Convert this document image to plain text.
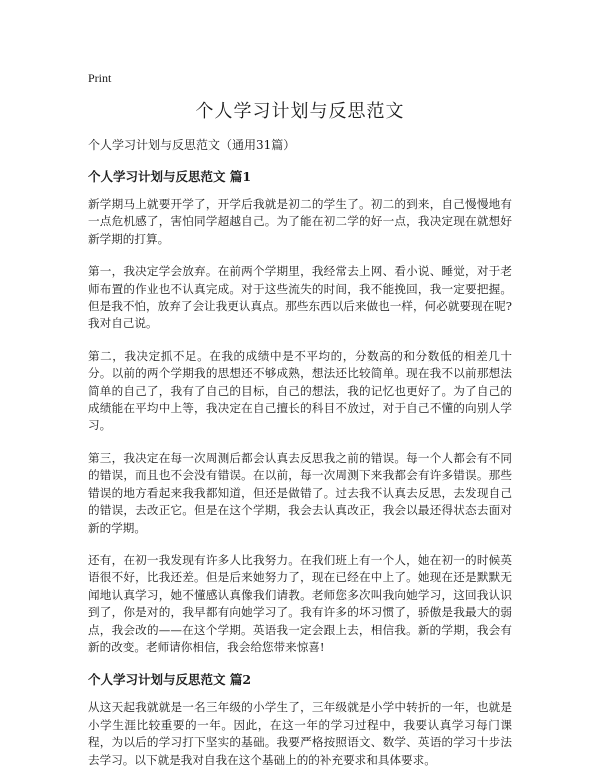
Print
个人学习计划与反思范文
个人学习计划与反思范文（通用31篇）
个人学习计划与反思范文 篇1

新学期马上就要开学了，开学后我就是初二的学生了。初二的到来，自己慢慢地有一点危机感了，害怕同学超越自己。为了能在初二学的好一点，我决定现在就想好新学期的打算。

第一，我决定学会放弃。在前两个学期里，我经常去上网、看小说、睡觉，对于老师布置的作业也不认真完成。对于这些流失的时间，我不能挽回，我一定要把握。但是我不怕，放弃了会让我更认真点。那些东西以后来做也一样，何必就要现在呢?我对自己说。

第二，我决定抓不足。在我的成绩中是不平均的，分数高的和分数低的相差几十分。以前的两个学期我的思想还不够成熟，想法还比较简单。现在我不以前那想法简单的自己了，我有了自己的目标，自己的想法，我的记忆也更好了。为了自己的成绩能在平均中上等，我决定在自己擅长的科目不放过，对于自己不懂的向别人学习。

第三，我决定在每一次周测后都会认真去反思我之前的错误。每一个人都会有不同的错误，而且也不会没有错误。在以前，每一次周测下来我都会有许多错误。那些错误的地方看起来我我都知道，但还是做错了。过去我不认真去反思，去发现自己的错误，去改正它。但是在这个学期，我会去认真改正，我会以最还得状态去面对新的学期。

还有，在初一我发现有许多人比我努力。在我们班上有一个人，她在初一的时候英语很不好，比我还差。但是后来她努力了，现在已经在中上了。她现在还是默默无闻地认真学习，她不懂感认真像我们请教。老师您多次叫我向她学习，这回我认识到了，你是对的，我早都有向她学习了。我有许多的坏习惯了，骄傲是我最大的弱点，我会改的——在这个学期。英语我一定会跟上去，相信我。新的学期，我会有新的改变。老师请你相信，我会给您带来惊喜!

个人学习计划与反思范文 篇2

从这天起我就就是一名三年级的小学生了，三年级就是小学中转折的一年，也就是小学生涯比较重要的一年。因此，在这一年的学习过程中，我要认真学习每门课程，为以后的学习打下坚实的基础。我要严格按照语文、数学、英语的学习十步法去学习。以下就是我对自我在这个基础上的的补充要求和具体要求。
